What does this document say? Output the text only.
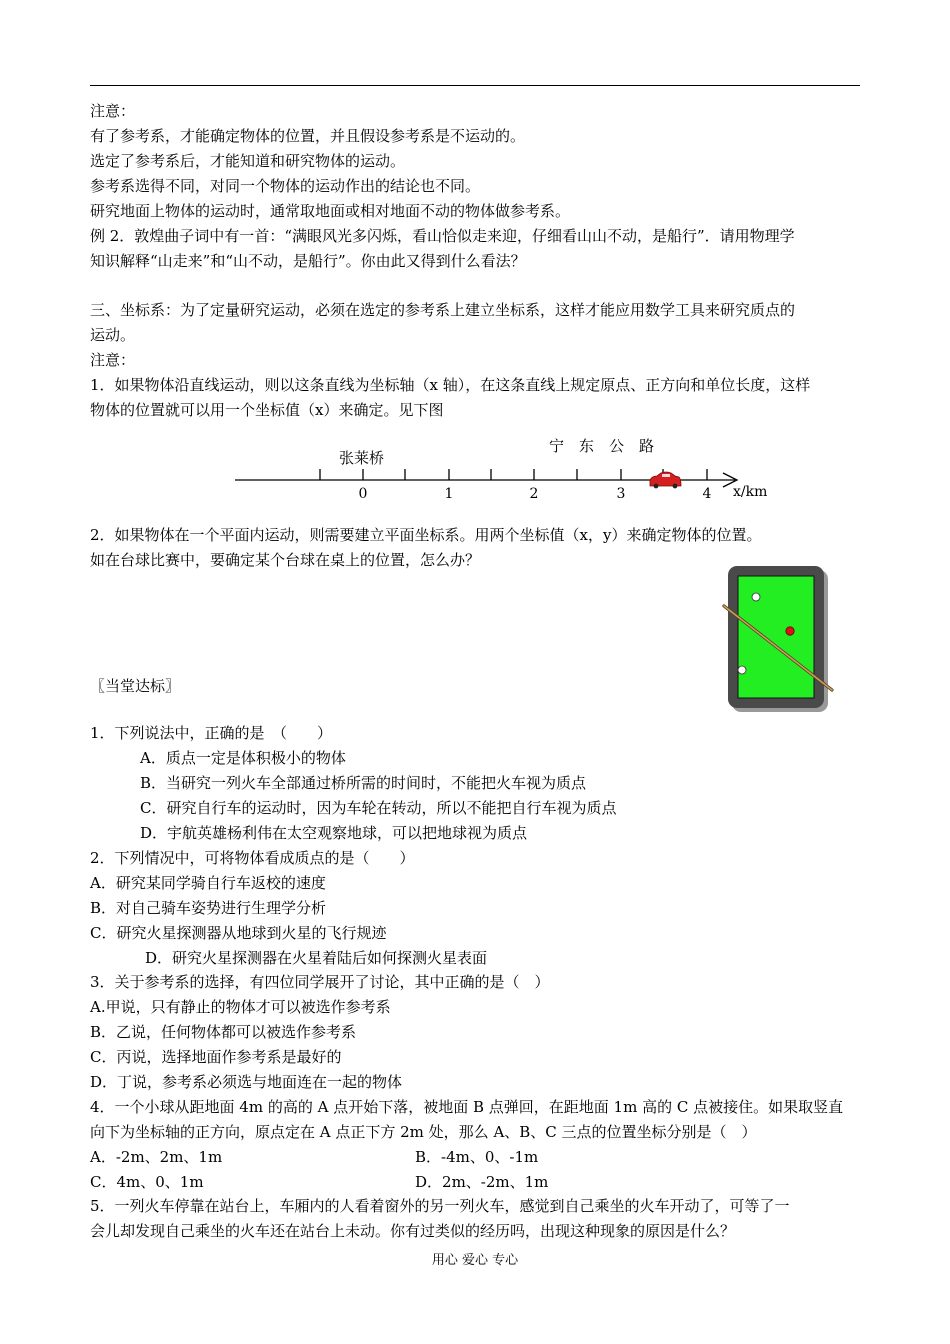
注意：
有了参考系，才能确定物体的位置，并且假设参考系是不运动的。
选定了参考系后，才能知道和研究物体的运动。
参考系选得不同，对同一个物体的运动作出的结论也不同。
研究地面上物体的运动时，通常取地面或相对地面不动的物体做参考系。
例 2．敦煌曲子词中有一首：“满眼风光多闪烁，看山恰似走来迎，仔细看山山不动，是船行”．请用物理学
知识解释“山走来”和“山不动，是船行”。你由此又得到什么看法？
三、坐标系：为了定量研究运动，必须在选定的参考系上建立坐标系，这样才能应用数学工具来研究质点的
运动。
注意：
1．如果物体沿直线运动，则以这条直线为坐标轴（x 轴），在这条直线上规定原点、正方向和单位长度，这样
物体的位置就可以用一个坐标值（x）来确定。见下图
张莱桥
宁　东　公　路
0	1	2	3	4 x/km
2．如果物体在一个平面内运动，则需要建立平面坐标系。用两个坐标值（x，y）来确定物体的位置。
如在台球比赛中，要确定某个台球在桌上的位置，怎么办？
〖当堂达标〗
1．下列说法中，正确的是　（　　）
A．质点一定是体积极小的物体
B．当研究一列火车全部通过桥所需的时间时，不能把火车视为质点
C．研究自行车的运动时，因为车轮在转动，所以不能把自行车视为质点
D．宇航英雄杨利伟在太空观察地球，可以把地球视为质点
2．下列情况中，可将物体看成质点的是（　　）
A．研究某同学骑自行车返校的速度
B．对自己骑车姿势进行生理学分析
C．研究火星探测器从地球到火星的飞行规迹
D．研究火星探测器在火星着陆后如何探测火星表面
3．关于参考系的选择，有四位同学展开了讨论，其中正确的是（　）
A.甲说，只有静止的物体才可以被选作参考系
B．乙说，任何物体都可以被选作参考系
C．丙说，选择地面作参考系是最好的
D．丁说，参考系必须选与地面连在一起的物体
4．一个小球从距地面 4m 的高的 A 点开始下落，被地面 B 点弹回，在距地面 1m 高的 C 点被接住。如果取竖直
向下为坐标轴的正方向，原点定在 A 点正下方 2m 处，那么 A、B、C 三点的位置坐标分别是（　）
A．-2m、2m、1m	B．-4m、0、-1m
C．4m、0、1m	D．2m、-2m、1m
5．一列火车停靠在站台上，车厢内的人看着窗外的另一列火车，感觉到自己乘坐的火车开动了，可等了一
会儿却发现自己乘坐的火车还在站台上未动。你有过类似的经历吗，出现这种现象的原因是什么？
用心 爱心 专心
